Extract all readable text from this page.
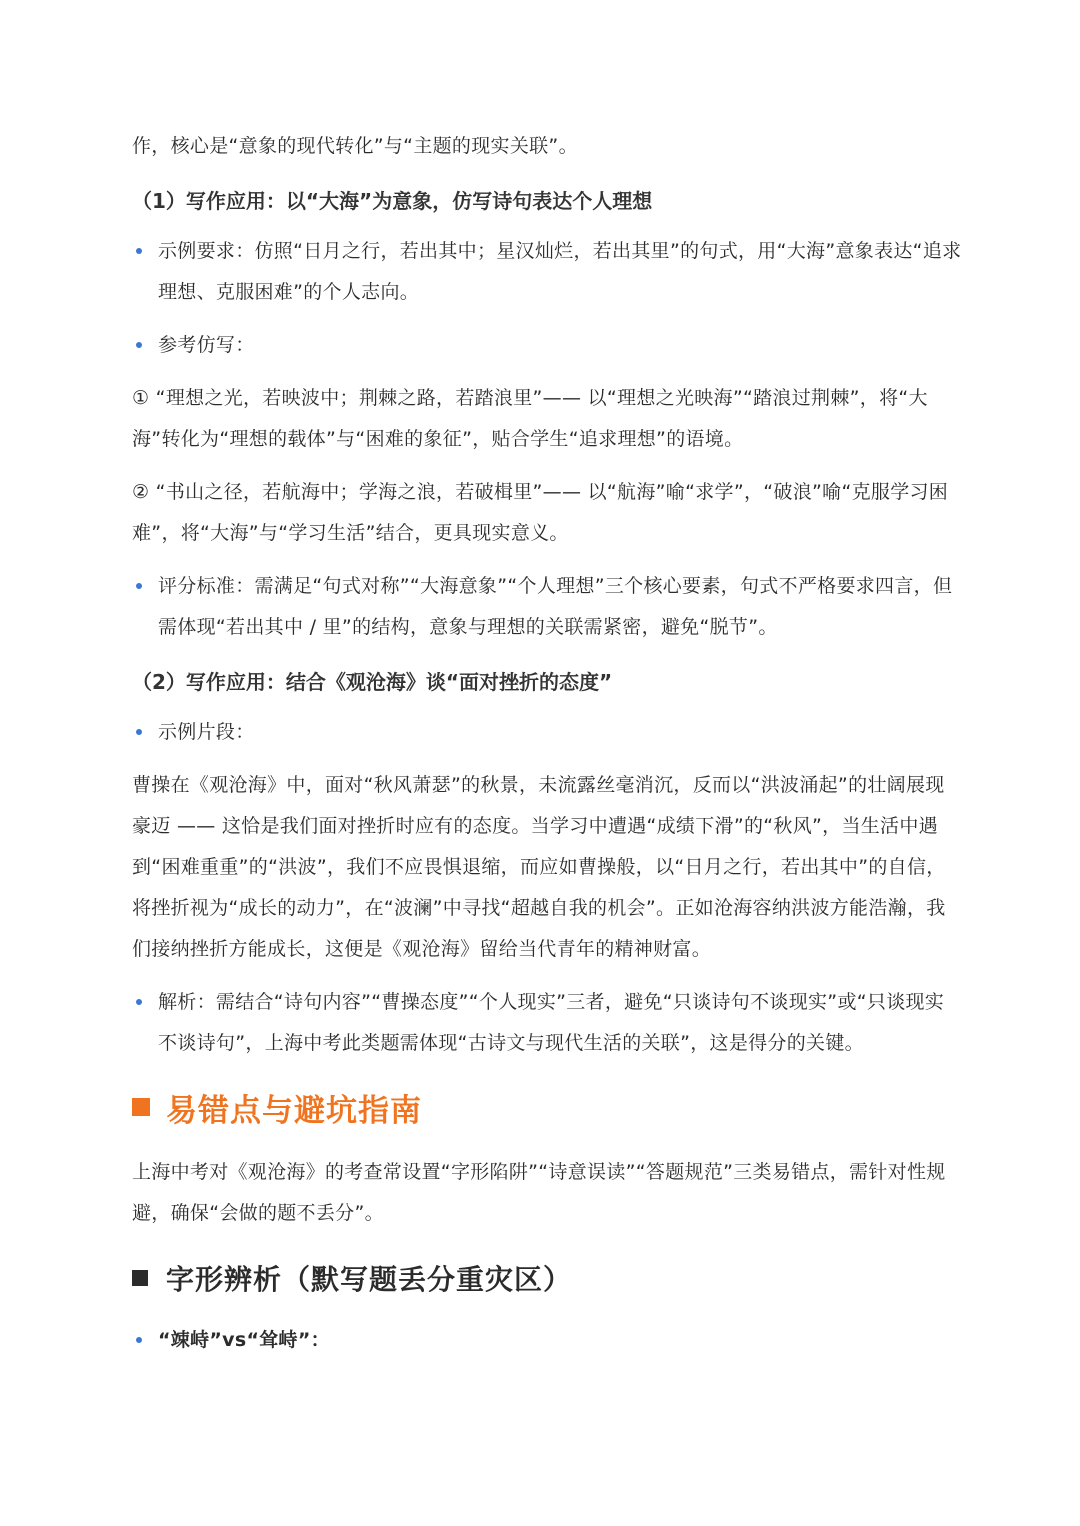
作，核心是“意象的现代转化”与“主题的现实关联”。

（1）写作应用：以“大海”为意象，仿写诗句表达个人理想
示例要求：仿照“日月之行，若出其中；星汉灿烂，若出其里”的句式，用“大海”意象表达“追求理想、克服困难”的个人志向。
参考仿写：

① “理想之光，若映波中；荆棘之路，若踏浪里”—— 以“理想之光映海”“踏浪过荆棘”，将“大海”转化为“理想的载体”与“困难的象征”，贴合学生“追求理想”的语境。

② “书山之径，若航海中；学海之浪，若破楫里”—— 以“航海”喻“求学”，“破浪”喻“克服学习困难”，将“大海”与“学习生活”结合，更具现实意义。

评分标准：需满足“句式对称”“大海意象”“个人理想”三个核心要素，句式不严格要求四言，但需体现“若出其中 / 里”的结构，意象与理想的关联需紧密，避免“脱节”。
（2）写作应用：结合《观沧海》谈“面对挫折的态度”
示例片段：

曹操在《观沧海》中，面对“秋风萧瑟”的秋景，未流露丝毫消沉，反而以“洪波涌起”的壮阔展现豪迈 —— 这恰是我们面对挫折时应有的态度。当学习中遭遇“成绩下滑”的“秋风”，当生活中遇到“困难重重”的“洪波”，我们不应畏惧退缩，而应如曹操般，以“日月之行，若出其中”的自信，将挫折视为“成长的动力”，在“波澜”中寻找“超越自我的机会”。正如沧海容纳洪波方能浩瀚，我们接纳挫折方能成长，这便是《观沧海》留给当代青年的精神财富。

解析：需结合“诗句内容”“曹操态度”“个人现实”三者，避免“只谈诗句不谈现实”或“只谈现实不谈诗句”，上海中考此类题需体现“古诗文与现代生活的关联”，这是得分的关键。
易错点与避坑指南

上海中考对《观沧海》的考查常设置“字形陷阱”“诗意误读”“答题规范”三类易错点，需针对性规避，确保“会做的题不丢分”。

字形辨析（默写题丢分重灾区）
“竦峙”vs“耸峙”：
